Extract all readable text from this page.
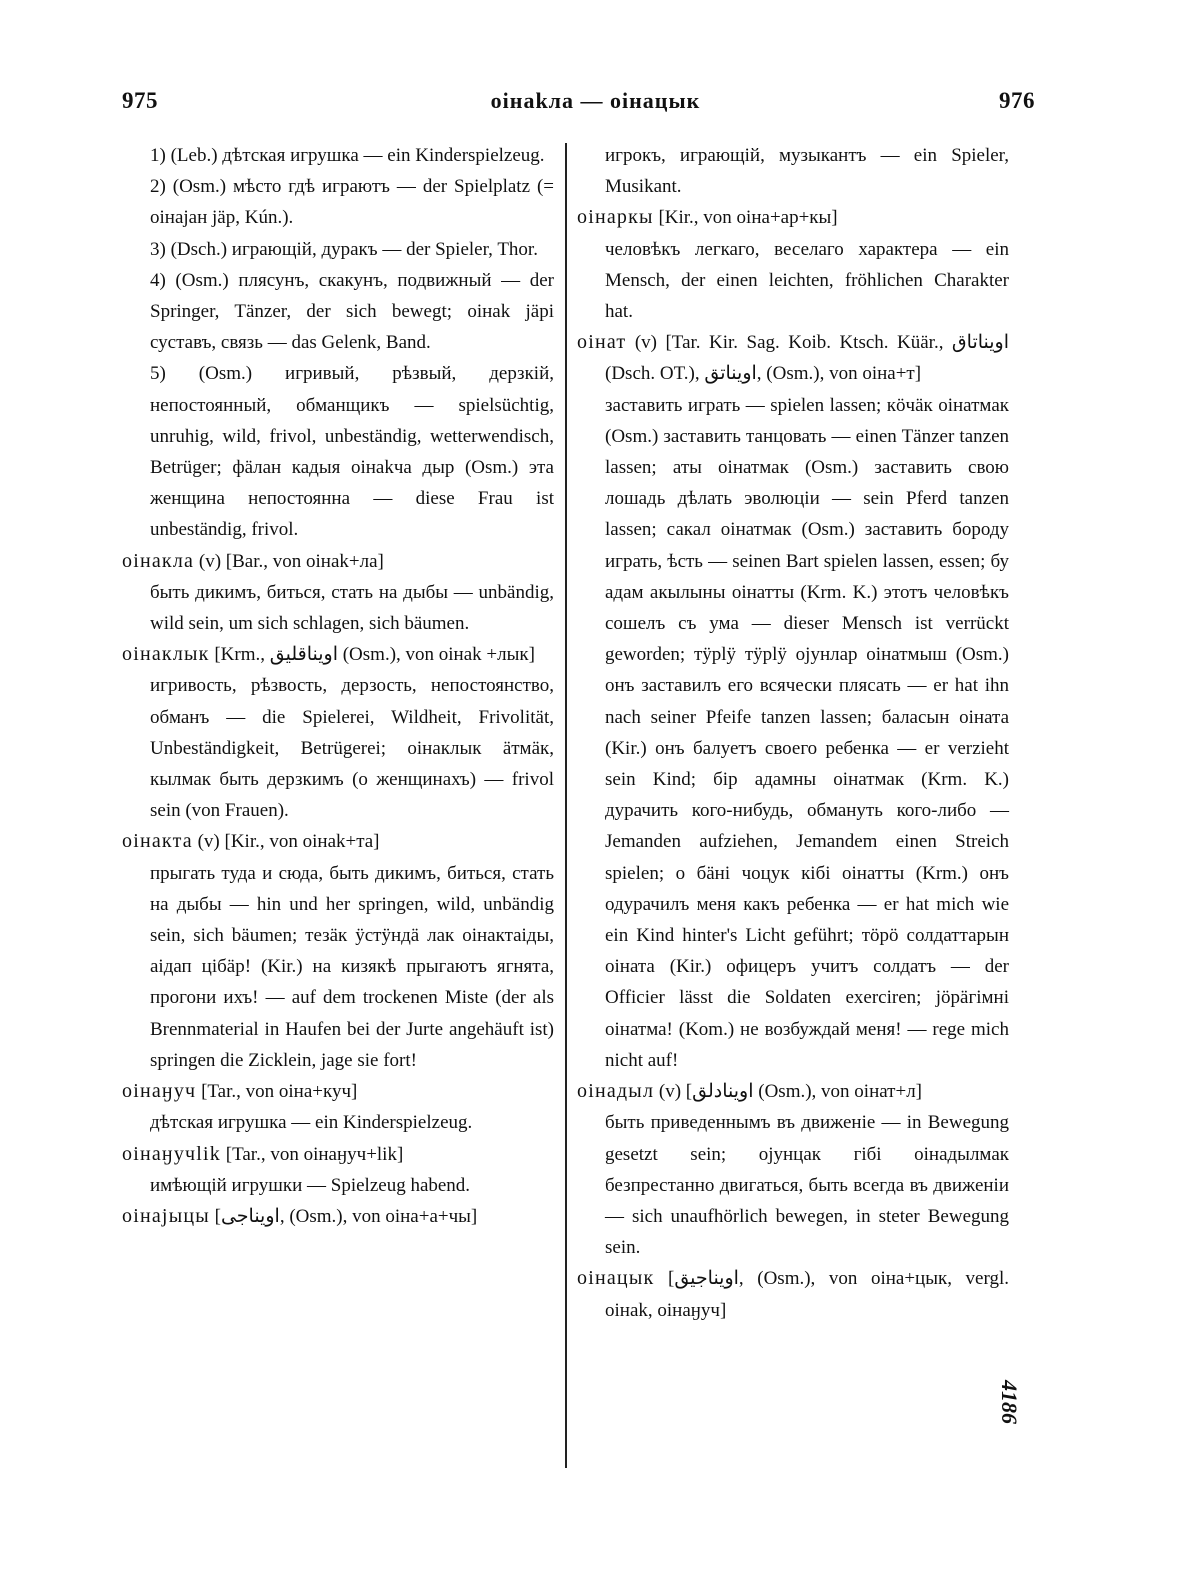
975	oiнakлa — oiнaцык	976

1) (Leb.) дѣтская игрушка — ein Kinderspielzeug.

2) (Osm.) мѣсто гдѣ играютъ — der Spielplatz (= oiнajaн jäр, Kún.).

3) (Dsch.) играющій, дуракъ — der Spieler, Thor.

4) (Osm.) плясунъ, скакунъ, подвижный — der Springer, Tänzer, der sich bewegt; oiнak jäpi суставъ, связь — das Gelenk, Band.

5) (Osm.) игривый, рѣзвый, дерзкій, непостоянный, обманщикъ — spielsüchtig, unruhig, wild, frivol, unbeständig, wetterwendisch, Betrüger; фäлан кадыя oiнakча дыр (Osm.) эта женщина непостоянна — diese Frau ist unbeständig, frivol.

oiнакла (v) [Bar., von oiнak+ла]

быть дикимъ, биться, стать на дыбы — unbändig, wild sein, um sich schlagen, sich bäumen.

oiнаклык [Krm., اويناقليق (Osm.), von oiнak +лык]

игривость, рѣзвость, дерзость, непостоянство, обманъ — die Spielerei, Wildheit, Frivolität, Unbeständigkeit, Betrügerei; oiнaклык äтмäк, кылмак быть дерзкимъ (о женщинахъ) — frivol sein (von Frauen).

oiнакта (v) [Kir., von oiнak+та]

прыгать туда и сюда, быть дикимъ, биться, стать на дыбы — hin und her springen, wild, unbändig sein, sich bäumen; тезäк ӱстӱндä лак oiнaктаiды, aiдап цiбäр! (Kir.) на кизякѣ прыгаютъ ягнята, прогони ихъ! — auf dem trockenen Miste (der als Brennmaterial in Haufen bei der Jurte angehäuft ist) springen die Zicklein, jage sie fort!

oiнаӈуч [Tar., von oiна+куч]

дѣтская игрушка — ein Kinderspielzeug.

oiнаӈучlik [Tar., von oiнаӈуч+lik]

имѣющій игрушки — Spielzeug habend.

oiнаjыцы [اويناجى, (Osm.), von oiна+а+чы]

игрокъ, играющій, музыкантъ — ein Spieler, Musikant.

oiнаркы [Kir., von oiна+ар+кы]

человѣкъ легкаго, веселаго характера — ein Mensch, der einen leichten, fröhlichen Charakter hat.

oiнат (v) [Tar. Kir. Sag. Koib. Ktsch. Küär., اويناتاق (Dsch. OT.), اويناتق, (Osm.), von oiна+т]

заставить играть — spielen lassen; кöчäк oiнатмак (Osm.) заставить танцовать — einen Tänzer tanzen lassen; аты oiнатмак (Osm.) заставить свою лошадь дѣлать эволюціи — sein Pferd tanzen lassen; сакал oiнатмак (Osm.) заставить бороду играть, ѣсть — seinen Bart spielen lassen, essen; бу адам акылыны oiнатты (Krm. K.) этотъ человѣкъ сошелъ съ ума — dieser Mensch ist verrückt geworden; тӱрlӱ тӱрlӱ ojунлар oiнатмыш (Osm.) онъ заставилъ его всячески плясать — er hat ihn nach seiner Pfeife tanzen lassen; баласын oiната (Kir.) онъ балуетъ своего ребенка — er verzieht sein Kind; бiр адамны oiнатмак (Krm. K.) дурачить кого-нибудь, обмануть кого-либо — Jemanden aufziehen, Jemandem einen Streich spielen; о бäнi чоцук кiбi oiнатты (Krm.) онъ одурачилъ меня какъ ребенка — er hat mich wie ein Kind hinter's Licht geführt; тӧрӧ солдаттарын oiната (Kir.) офицеръ учитъ солдатъ — der Officier lässt die Soldaten exerciren; jӧрäгiмнi oiнатма! (Kom.) не возбуждай меня! — rege mich nicht auf!

oiнадыл (v) [اوينادلق (Osm.), von oiнат+л]

быть приведеннымъ въ движеніе — in Bewegung gesetzt sein; ojунцак гiбi oiнадылмак безпрестанно двигаться, быть всегда въ движеніи — sich unaufhörlich bewegen, in steter Bewegung sein.

oiнацык [اويناجيق, (Osm.), von oiна+цык, vergl. oiнak, oiнаӈуч]

4186
